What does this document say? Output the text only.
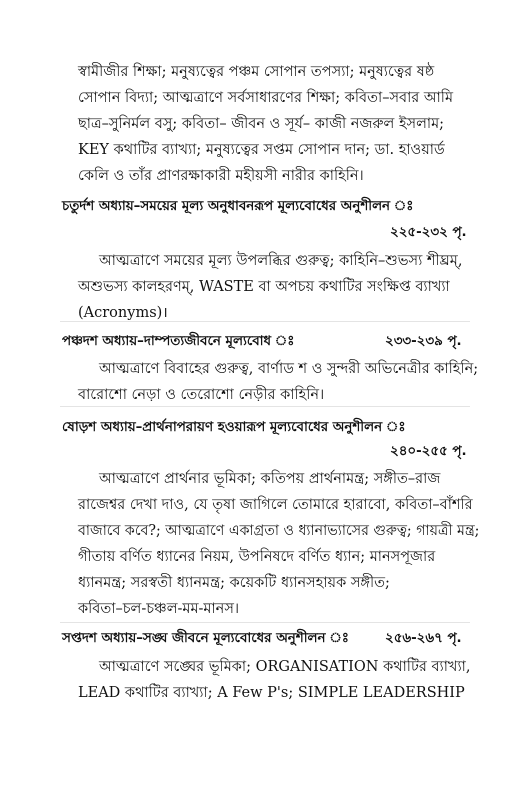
স্বামীজীর শিক্ষা; মনুষ্যত্বের পঞ্চম সোপান তপস্যা; মনুষ্যত্বের ষষ্ঠ
সোপান বিদ্যা; আত্মত্রাণে সর্বসাধারণের শিক্ষা; কবিতা–সবার আমি
ছাত্র–সুনির্মল বসু; কবিতা– জীবন ও সূর্য– কাজী নজরুল ইসলাম;
KEY কথাটির ব্যাখ্যা; মনুষ্যত্বের সপ্তম সোপান দান; ডা. হাওয়ার্ড
কেলি ও তাঁর প্রাণরক্ষাকারী মহীয়সী নারীর কাহিনি।
চতুর্দশ অধ্যায়–সময়ের মূল্য অনুধাবনরূপ মূল্যবোধের অনুশীলন ঃ
২২৫-২৩২ পৃ.
আত্মত্রাণে সময়ের মূল্য উপলব্ধির গুরুত্ব; কাহিনি–শুভস্য শীঘ্রম্‌,
অশুভস্য কালহরণম্‌, WASTE বা অপচয় কথাটির সংক্ষিপ্ত ব্যাখ্যা
(Acronyms)।
পঞ্চদশ অধ্যায়–দাম্পত্যজীবনে মূল্যবোধ ঃ	২৩৩-২৩৯ পৃ.
আত্মত্রাণে বিবাহের গুরুত্ব, বার্ণাড শ ও সুন্দরী অভিনেত্রীর কাহিনি;
বারোশো নেড়া ও তেরোশো নেড়ীর কাহিনি।
ষোড়শ অধ্যায়–প্রার্থনাপরায়ণ হওয়ারূপ মূল্যবোধের অনুশীলন ঃ
২৪০-২৫৫ পৃ.
আত্মত্রাণে প্রার্থনার ভূমিকা; কতিপয় প্রার্থনামন্ত্র; সঙ্গীত–রাজ
রাজেশ্বর দেখা দাও, যে তৃষা জাগিলে তোমারে হারাবো, কবিতা–বাঁশরি
বাজাবে কবে?; আত্মত্রাণে একাগ্রতা ও ধ্যানাভ্যাসের গুরুত্ব; গায়ত্রী মন্ত্র;
গীতায় বর্ণিত ধ্যানের নিয়ম, উপনিষদে বর্ণিত ধ্যান; মানসপূজার
ধ্যানমন্ত্র; সরস্বতী ধ্যানমন্ত্র; কয়েকটি ধ্যানসহায়ক সঙ্গীত;
কবিতা–চল-চঞ্চল-মম-মানস।
সপ্তদশ অধ্যায়–সঙ্ঘ জীবনে মূল্যবোধের অনুশীলন ঃ	২৫৬-২৬৭ পৃ.
আত্মত্রাণে সঙ্ঘের ভূমিকা; ORGANISATION কথাটির ব্যাখ্যা,
LEAD কথাটির ব্যাখ্যা; A Few P's; SIMPLE LEADERSHIP
